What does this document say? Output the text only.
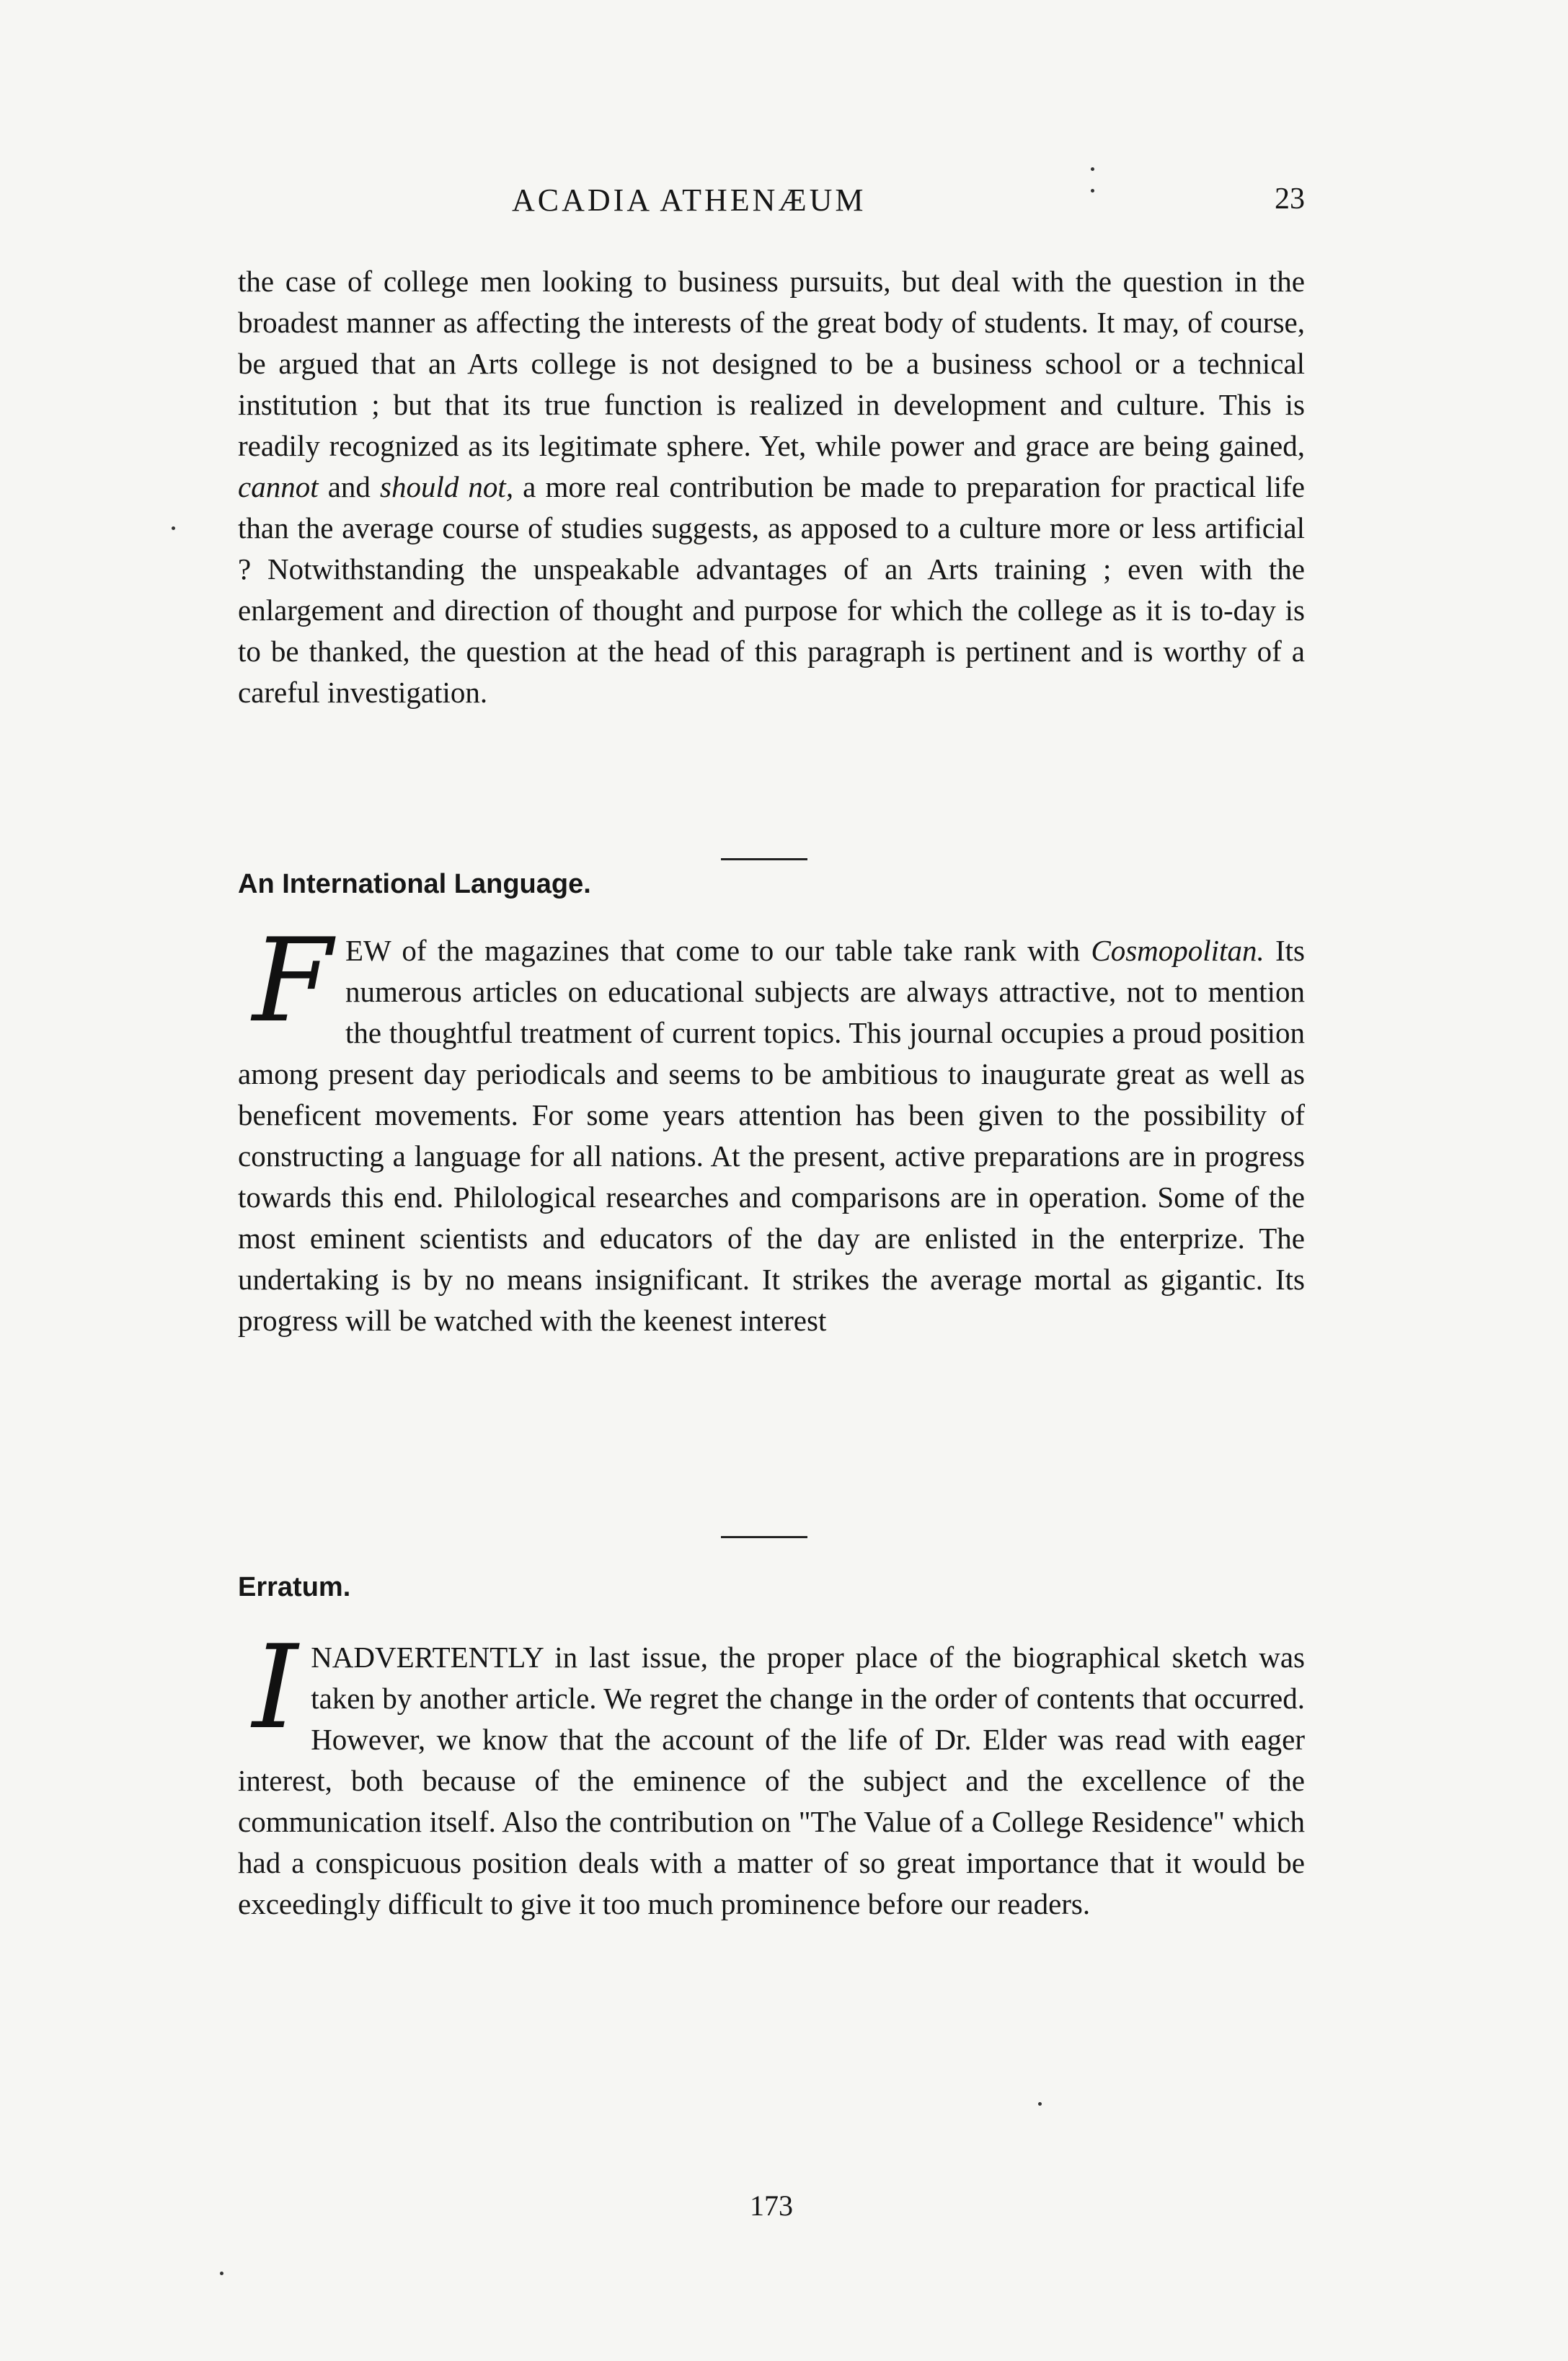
ACADIA ATHENÆUM	23

the case of college men looking to business pursuits, but deal with the question in the broadest manner as affecting the interests of the great body of students. It may, of course, be argued that an Arts college is not designed to be a business school or a technical institution ; but that its true function is realized in development and culture. This is readily recognized as its legitimate sphere. Yet, while power and grace are being gained, cannot and should not, a more real contribution be made to preparation for practical life than the average course of studies suggests, as apposed to a culture more or less artificial ? Notwithstanding the unspeakable advantages of an Arts training ; even with the enlargement and direction of thought and purpose for which the college as it is to-day is to be thanked, the question at the head of this paragraph is pertinent and is worthy of a careful investigation.

An International Language.

F EW of the magazines that come to our table take rank with Cosmopolitan. Its numerous articles on educational subjects are always attractive, not to mention the thoughtful treatment of current topics. This journal occupies a proud position among present day periodicals and seems to be ambitious to inaugurate great as well as beneficent movements. For some years attention has been given to the possibility of constructing a language for all nations. At the present, active preparations are in progress towards this end. Philological researches and comparisons are in operation. Some of the most eminent scientists and educators of the day are enlisted in the enterprize. The undertaking is by no means insignificant. It strikes the average mortal as gigantic. Its progress will be watched with the keenest interest

Erratum.

I NADVERTENTLY in last issue, the proper place of the biographical sketch was taken by another article. We regret the change in the order of contents that occurred. However, we know that the account of the life of Dr. Elder was read with eager interest, both because of the eminence of the subject and the excellence of the communication itself. Also the contribution on "The Value of a College Residence" which had a conspicuous position deals with a matter of so great importance that it would be exceedingly difficult to give it too much prominence before our readers.

173
